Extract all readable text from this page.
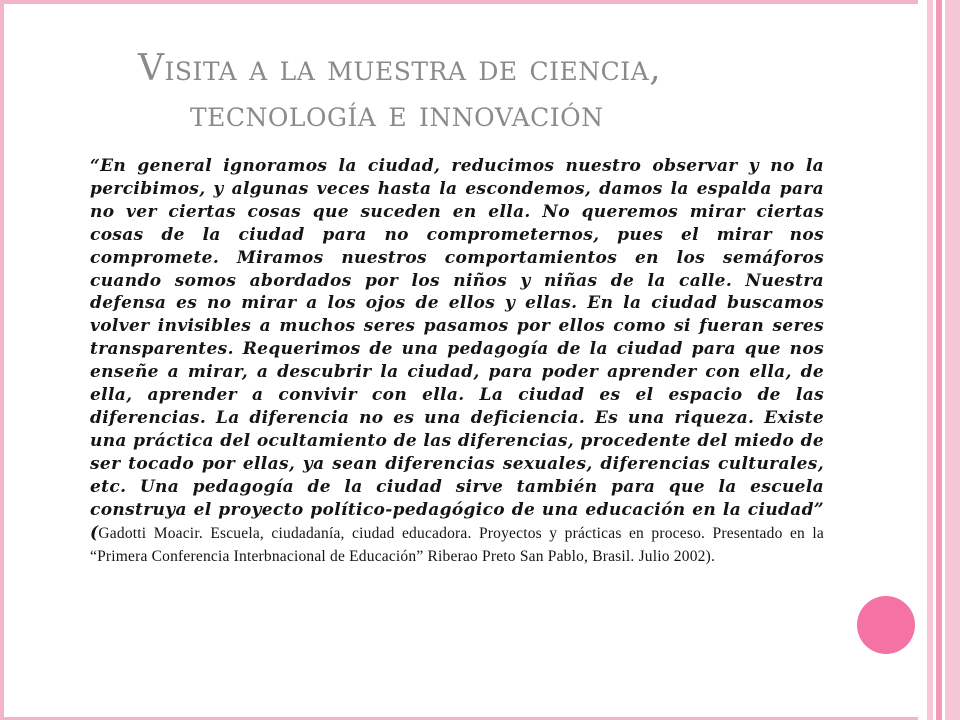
Visita a la muestra de ciencia,
tecnología e innovación

“En general ignoramos la ciudad, reducimos nuestro observar y no la percibimos, y algunas veces hasta la escondemos, damos la espalda para no ver ciertas cosas que suceden en ella. No queremos mirar ciertas cosas de la ciudad para no comprometernos, pues el mirar nos compromete. Miramos nuestros comportamientos en los semáforos cuando somos abordados por los niños y niñas de la calle. Nuestra defensa es no mirar a los ojos de ellos y ellas. En la ciudad buscamos volver invisibles a muchos seres pasamos por ellos como si fueran seres transparentes. Requerimos de una pedagogía de la ciudad para que nos enseñe a mirar, a descubrir la ciudad, para poder aprender con ella, de ella, aprender a convivir con ella. La ciudad es el espacio de las diferencias. La diferencia no es una deficiencia. Es una riqueza. Existe una práctica del ocultamiento de las diferencias, procedente del miedo de ser tocado por ellas, ya sean diferencias sexuales, diferencias culturales, etc. Una pedagogía de la ciudad sirve también para que la escuela construya el proyecto político-pedagógico de una educación en la ciudad” (Gadotti Moacir. Escuela, ciudadanía, ciudad educadora. Proyectos y prácticas en proceso. Presentado en la “Primera Conferencia Interbnacional de Educación” Riberao Preto San Pablo, Brasil. Julio 2002).
